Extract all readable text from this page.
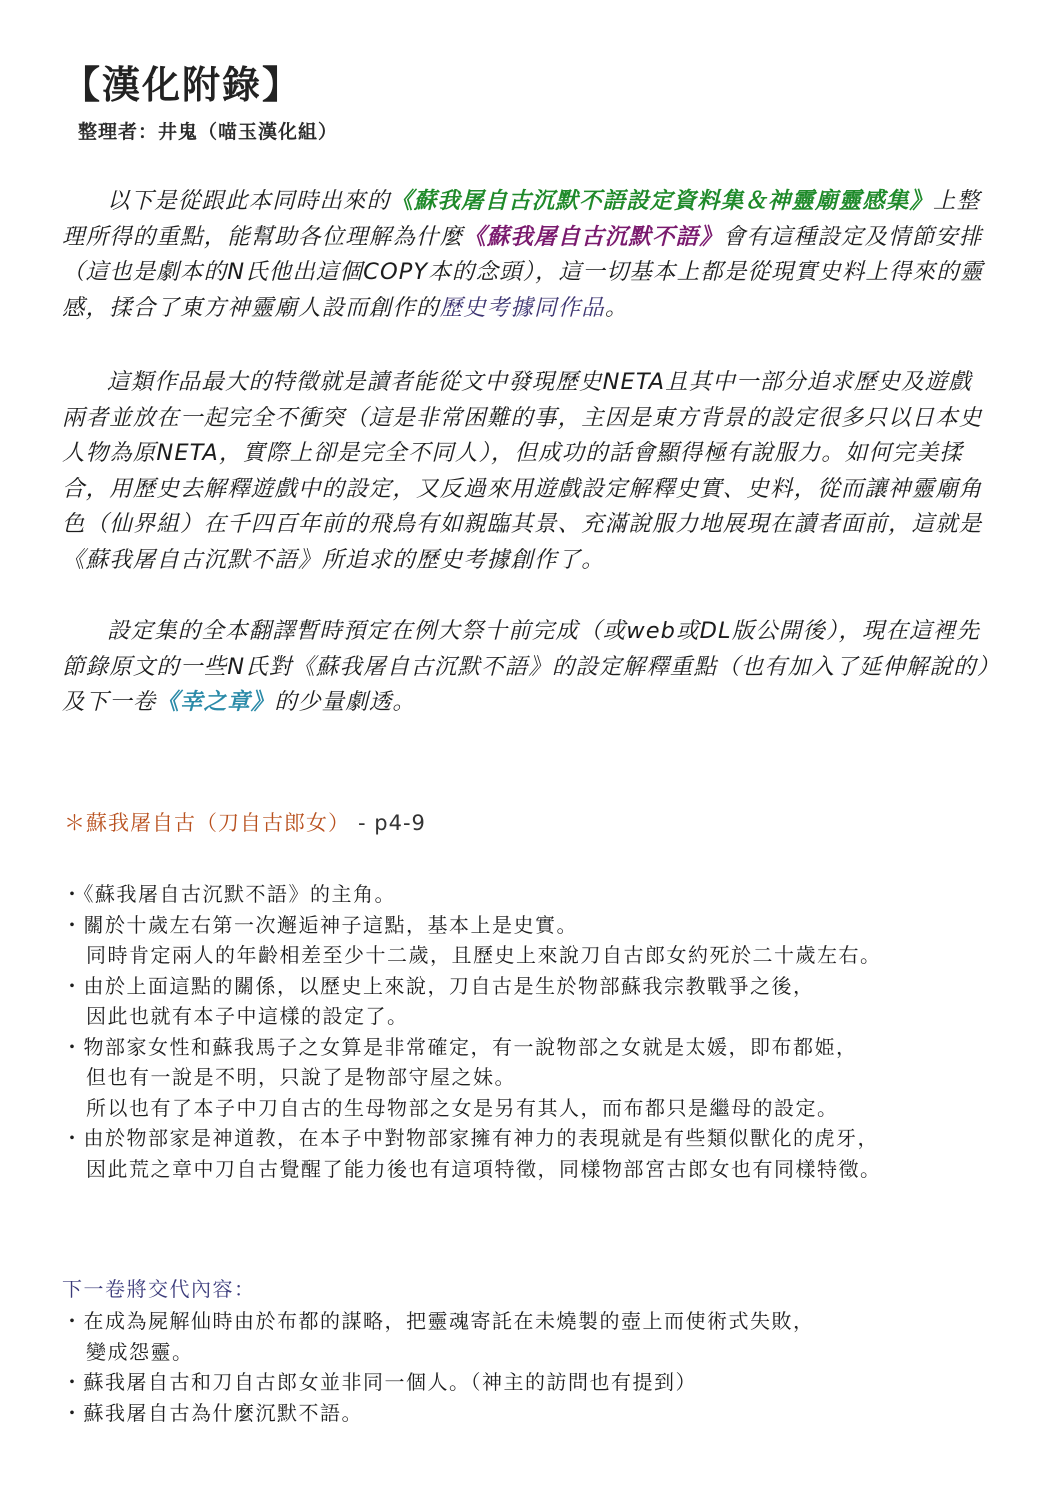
【漢化附錄】
整理者：井鬼（喵玉漢化組）

以下是從跟此本同時出來的《蘇我屠自古沉默不語設定資料集＆神靈廟靈感集》上整理所得的重點，能幫助各位理解為什麼《蘇我屠自古沉默不語》會有這種設定及情節安排（這也是劇本的N氏他出這個COPY本的念頭），這一切基本上都是從現實史料上得來的靈感，揉合了東方神靈廟人設而創作的歷史考據同作品。

這類作品最大的特徵就是讀者能從文中發現歷史NETA且其中一部分追求歷史及遊戲兩者並放在一起完全不衝突（這是非常困難的事，主因是東方背景的設定很多只以日本史人物為原NETA，實際上卻是完全不同人），但成功的話會顯得極有說服力。如何完美揉合，用歷史去解釋遊戲中的設定，又反過來用遊戲設定解釋史實、史料，從而讓神靈廟角色（仙界組）在千四百年前的飛鳥有如親臨其景、充滿說服力地展現在讀者面前，這就是《蘇我屠自古沉默不語》所追求的歷史考據創作了。

設定集的全本翻譯暫時預定在例大祭十前完成（或web或DL版公開後），現在這裡先節錄原文的一些N氏對《蘇我屠自古沉默不語》的設定解釋重點（也有加入了延伸解說的）及下一卷《幸之章》的少量劇透。

＊蘇我屠自古（刀自古郎女） - p4-9
・《蘇我屠自古沉默不語》的主角。
・關於十歲左右第一次邂逅神子這點，基本上是史實。
同時肯定兩人的年齡相差至少十二歲，且歷史上來說刀自古郎女約死於二十歲左右。
・由於上面這點的關係，以歷史上來說，刀自古是生於物部蘇我宗教戰爭之後，
因此也就有本子中這樣的設定了。
・物部家女性和蘇我馬子之女算是非常確定，有一說物部之女就是太媛，即布都姫，
但也有一說是不明，只說了是物部守屋之妹。
所以也有了本子中刀自古的生母物部之女是另有其人，而布都只是繼母的設定。
・由於物部家是神道教，在本子中對物部家擁有神力的表現就是有些類似獸化的虎牙，
因此荒之章中刀自古覺醒了能力後也有這項特徵，同樣物部宮古郎女也有同樣特徵。
下一卷將交代內容：
・在成為屍解仙時由於布都的謀略，把靈魂寄託在未燒製的壺上而使術式失敗，
變成怨靈。
・蘇我屠自古和刀自古郎女並非同一個人。（神主的訪問也有提到）
・蘇我屠自古為什麼沉默不語。
